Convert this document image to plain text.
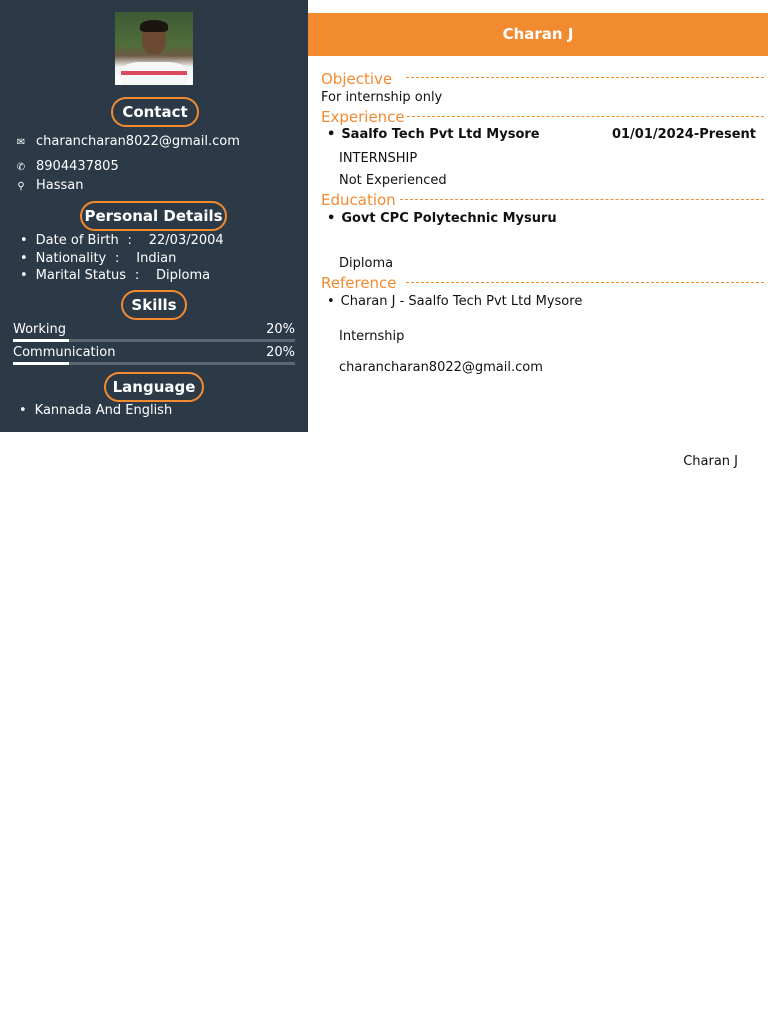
Contact
✉ charancharan8022@gmail.com
✆ 8904437805
⚲ Hassan
Personal Details
• Date of Birth : 22/03/2004
• Nationality : Indian
• Marital Status : Diploma
Skills
Working	20%
Communication	20%
Language
• Kannada And English
Charan J
Objective
For internship only
Experience
• Saalfo Tech Pvt Ltd Mysore	01/01/2024-Present
INTERNSHIP
Not Experienced
Education
• Govt CPC Polytechnic Mysuru
Diploma
Reference
• Charan J - Saalfo Tech Pvt Ltd Mysore
Internship
charancharan8022@gmail.com
Charan J
